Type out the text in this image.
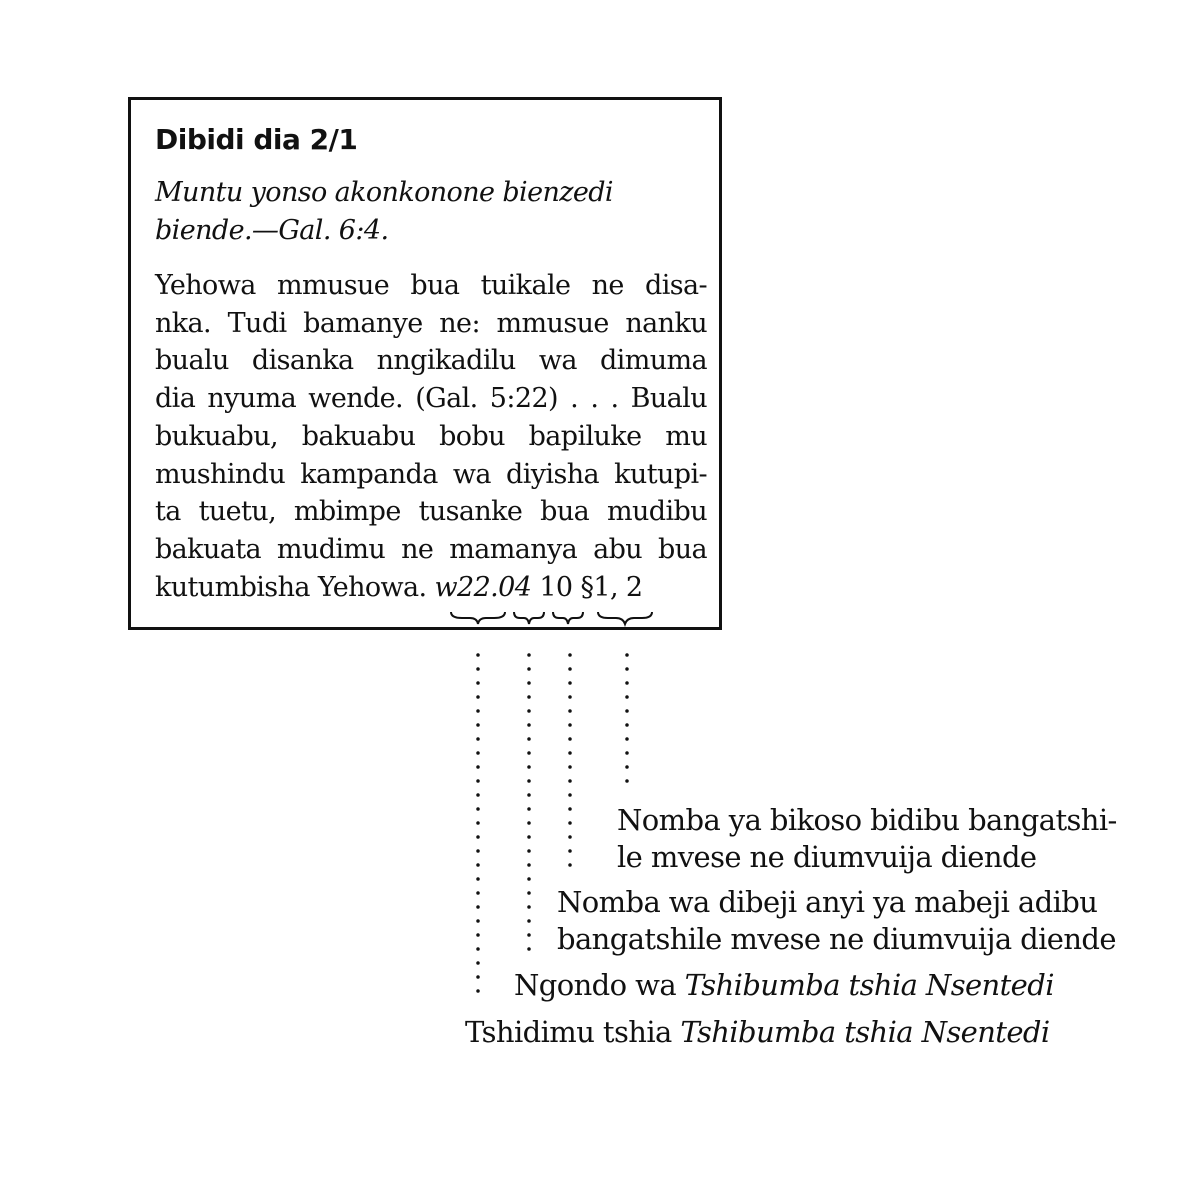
Dibidi dia 2/1
Muntu yonso akonkonone bienzedi
biende.—Gal. 6:4.
Yehowa mmusue bua tuikale ne disa-
nka. Tudi bamanye ne: mmusue nanku
bualu disanka nngikadilu wa dimuma
dia nyuma wende. (Gal. 5:22) . . . Bualu
bukuabu, bakuabu bobu bapiluke mu
mushindu kampanda wa diyisha kutupi-
ta tuetu, mbimpe tusanke bua mudibu
bakuata mudimu ne mamanya abu bua
kutumbisha Yehowa. w22.04 10 §1, 2
Nomba ya bikoso bidibu bangatshi-
le mvese ne diumvuija diende
Nomba wa dibeji anyi ya mabeji adibu
bangatshile mvese ne diumvuija diende
Ngondo wa Tshibumba tshia Nsentedi
Tshidimu tshia Tshibumba tshia Nsentedi
